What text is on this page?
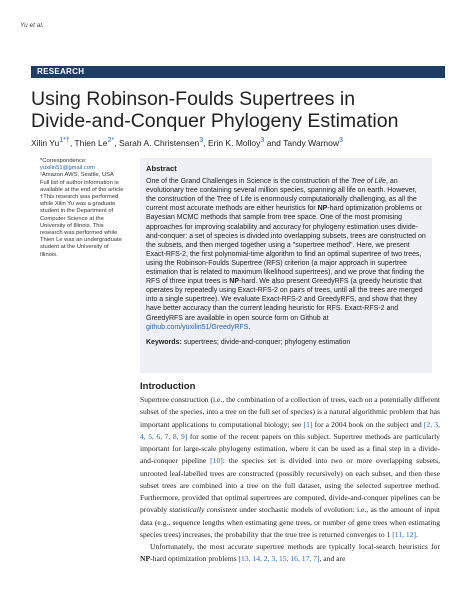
Yu et al.
RESEARCH
Using Robinson-Foulds Supertrees in
Divide-and-Conquer Phylogeny Estimation
Xilin Yu$^{1*\dagger}$, Thien Le$^{2*}$, Sarah A. Christensen$^3$, Erin K. Molloy$^3$ and Tandy Warnow$^3$

*Correspondence:

yuxilin51@gmail.com

¹Amazon AWS, Seattle, USA

Full list of author information is

available at the end of the article

†This research was performed

while Xilin Yu was a graduate

student in the Department of

Computer Science at the

University of Illinois. This

research was performed while

Thien Le was an undergraduate

student at the University of

Illinois.

Abstract
One of the Grand Challenges in Science is the construction of the Tree of Life, an evolutionary tree containing several million species, spanning all life on earth. However, the construction of the Tree of Life is enormously computationally challenging, as all the current most accurate methods are either heuristics for NP-hard optimization problems or Bayesian MCMC methods that sample from tree space. One of the most promising approaches for improving scalability and accuracy for phylogeny estimation uses divide-and-conquer: a set of species is divided into overlapping subsets, trees are constructed on the subsets, and then merged together using a "supertree method". Here, we present Exact-RFS-2, the first polynomial-time algorithm to find an optimal supertree of two trees, using the Robinson-Foulds Supertree (RFS) criterion (a major approach in supertree estimation that is related to maximum likelihood supertrees), and we prove that finding the RFS of three input trees is NP-hard. We also present GreedyRFS (a greedy heuristic that operates by repeatedly using Exact-RFS-2 on pairs of trees, until all the trees are merged into a single supertree). We evaluate Exact-RFS-2 and GreedyRFS, and show that they have better accuracy than the current leading heuristic for RFS. Exact-RFS-2 and GreedyRFS are available in open source form on Github at github.com/yuxilin51/GreedyRFS.
Keywords: supertrees; divide-and-conquer; phylogeny estimation
Introduction

Supertree construction (i.e., the combination of a collection of trees, each on a potentially different subset of the species, into a tree on the full set of species) is a natural algorithmic problem that has important applications to computational biology; see [1] for a 2004 book on the subject and [2, 3, 4, 5, 6, 7, 8, 9] for some of the recent papers on this subject. Supertree methods are particularly important for large-scale phylogeny estimation, where it can be used as a final step in a divide-and-conquer pipeline [10]: the species set is divided into two or more overlapping subsets, unrooted leaf-labelled trees are constructed (possibly recursively) on each subset, and then these subset trees are combined into a tree on the full dataset, using the selected supertree method. Furthermore, provided that optimal supertrees are computed, divide-and-conquer pipelines can be provably statistically consistent under stochastic models of evolution: i.e., as the amount of input data (e.g., sequence lengths when estimating gene trees, or number of gene trees when estimating species trees) increases, the probability that the true tree is returned converges to 1 [11, 12].

Unfortunately, the most accurate supertree methods are typically local-search heuristics for NP-hard optimization problems [13, 14, 2, 3, 15, 16, 17, 7], and are
